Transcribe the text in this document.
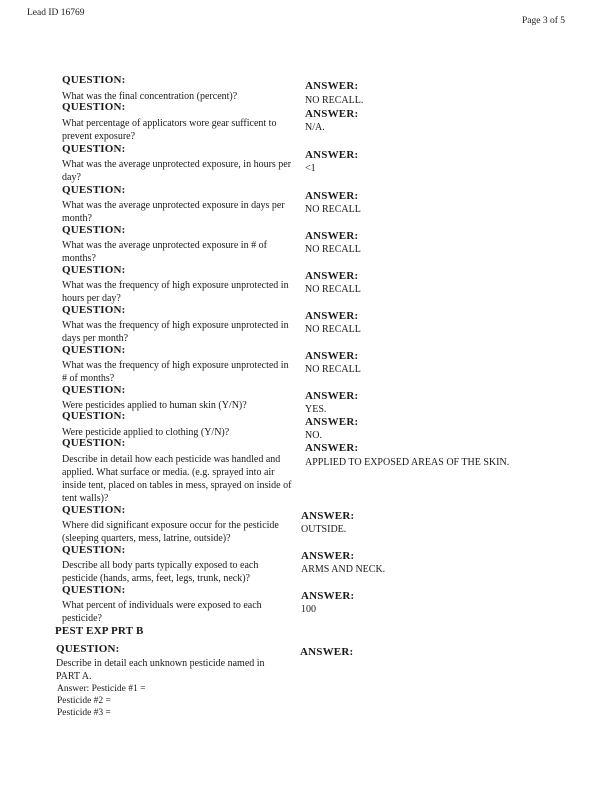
Lead ID 16769
Page 3 of 5
QUESTION:
What was the final concentration (percent)?
ANSWER:
NO RECALL.
QUESTION:
What percentage of applicators wore gear sufficent to prevent exposure?
ANSWER:
N/A.
QUESTION:
What was the average unprotected exposure, in hours per day?
ANSWER:
<1
QUESTION:
What was the average unprotected exposure in days per month?
ANSWER:
NO RECALL
QUESTION:
What was the average unprotected exposure in # of months?
ANSWER:
NO RECALL
QUESTION:
What was the frequency of high exposure unprotected in hours per day?
ANSWER:
NO RECALL
QUESTION:
What was the frequency of high exposure unprotected in days per month?
ANSWER:
NO RECALL
QUESTION:
What was the frequency of high exposure unprotected in # of months?
ANSWER:
NO RECALL
QUESTION:
Were pesticides applied to human skin (Y/N)?
ANSWER:
YES.
QUESTION:
Were pesticide applied to clothing (Y/N)?
ANSWER:
NO.
QUESTION:
Describe in detail how each pesticide was handled and applied. What surface or media. (e.g. sprayed into air inside tent, placed on tables in mess, sprayed on inside of tent walls)?
ANSWER:
APPLIED TO EXPOSED AREAS OF THE SKIN.
QUESTION:
Where did significant exposure occur for the pesticide (sleeping quarters, mess, latrine, outside)?
ANSWER:
OUTSIDE.
QUESTION:
Describe all body parts typically exposed to each pesticide (hands, arms, feet, legs, trunk, neck)?
ANSWER:
ARMS AND NECK.
QUESTION:
What percent of individuals were exposed to each pesticide?
ANSWER:
100
PEST EXP PRT B
QUESTION:
Describe in detail each unknown pesticide named in PART A.
ANSWER:
Answer: Pesticide #1 =
Pesticide #2 =
Pesticide #3 =
